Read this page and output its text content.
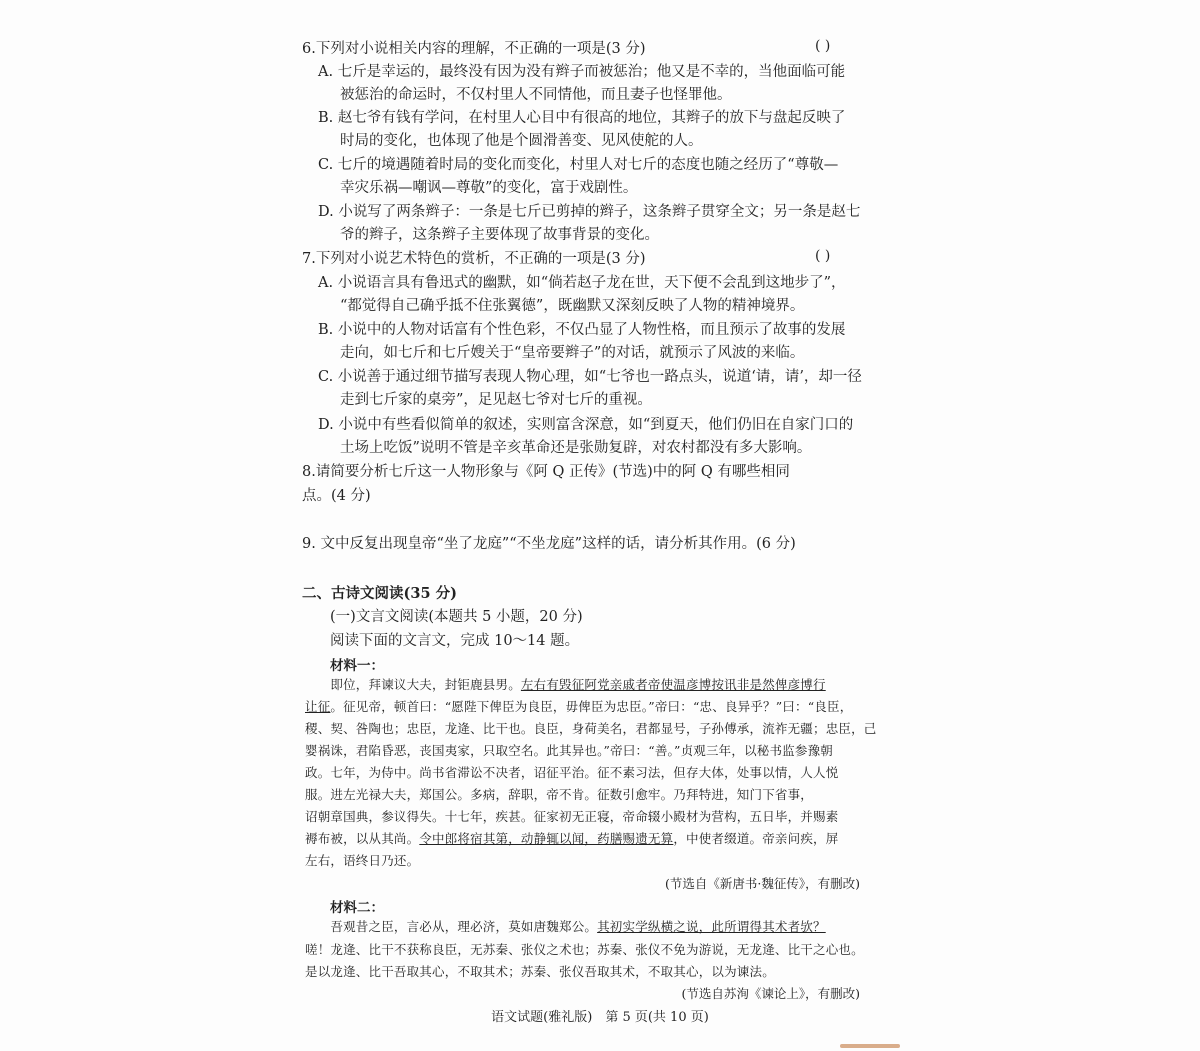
6.下列对小说相关内容的理解，不正确的一项是(3 分)	( )
A. 七斤是幸运的，最终没有因为没有辫子而被惩治；他又是不幸的，当他面临可能
被惩治的命运时，不仅村里人不同情他，而且妻子也怪罪他。
B. 赵七爷有钱有学问，在村里人心目中有很高的地位，其辫子的放下与盘起反映了
时局的变化，也体现了他是个圆滑善变、见风使舵的人。
C. 七斤的境遇随着时局的变化而变化，村里人对七斤的态度也随之经历了“尊敬—
幸灾乐祸—嘲讽—尊敬”的变化，富于戏剧性。
D. 小说写了两条辫子：一条是七斤已剪掉的辫子，这条辫子贯穿全文；另一条是赵七
爷的辫子，这条辫子主要体现了故事背景的变化。
7.下列对小说艺术特色的赏析，不正确的一项是(3 分)	( )
A. 小说语言具有鲁迅式的幽默，如“倘若赵子龙在世，天下便不会乱到这地步了”，
“都觉得自己确乎抵不住张翼德”，既幽默又深刻反映了人物的精神境界。
B. 小说中的人物对话富有个性色彩，不仅凸显了人物性格，而且预示了故事的发展
走向，如七斤和七斤嫂关于“皇帝要辫子”的对话，就预示了风波的来临。
C. 小说善于通过细节描写表现人物心理，如“七爷也一路点头，说道‘请，请’，却一径
走到七斤家的桌旁”，足见赵七爷对七斤的重视。
D. 小说中有些看似简单的叙述，实则富含深意，如“到夏天，他们仍旧在自家门口的
土场上吃饭”说明不管是辛亥革命还是张勋复辟，对农村都没有多大影响。
8.请简要分析七斤这一人物形象与《阿 Q 正传》(节选)中的阿 Q 有哪些相同
点。(4 分)
9. 文中反复出现皇帝“坐了龙庭”“不坐龙庭”这样的话，请分析其作用。(6 分)
二、古诗文阅读(35 分)
(一)文言文阅读(本题共 5 小题，20 分)
阅读下面的文言文，完成 10～14 题。
材料一：
　　即位，拜谏议大夫，封钜鹿县男。左右有毁征阿党亲戚者帝使温彦博按讯非是然俾彦博行
让征。征见帝，顿首曰：“愿陛下俾臣为良臣，毋俾臣为忠臣。”帝曰：“忠、良异乎？”曰：“良臣，
稷、契、咎陶也；忠臣，龙逄、比干也。良臣，身荷美名，君都显号，子孙傅承，流祚无疆；忠臣，己
婴祸诛，君陷昏恶，丧国夷家，只取空名。此其异也。”帝曰：“善。”贞观三年，以秘书监参豫朝
政。七年，为侍中。尚书省滞讼不决者，诏征平治。征不素习法，但存大体，处事以情，人人悦
服。进左光禄大夫，郑国公。多病，辞职，帝不肯。征数引愈牢。乃拜特进，知门下省事，
诏朝章国典，参议得失。十七年，疾甚。征家初无正寝，帝命辍小殿材为营构，五日毕，并赐素
褥布被，以从其尚。令中郎将宿其第，动静辄以闻，药膳赐遗无算，中使者缀道。帝亲问疾，屏
左右，语终日乃还。
(节选自《新唐书·魏征传》，有删改)
材料二：
　　吾观昔之臣，言必从，理必济，莫如唐魏郑公。其初实学纵横之说，此所谓得其术者欤？
嗟！龙逄、比干不获称良臣，无苏秦、张仪之术也；苏秦、张仪不免为游说，无龙逄、比干之心也。
是以龙逄、比干吾取其心，不取其术；苏秦、张仪吾取其术，不取其心，以为谏法。
(节选自苏洵《谏论上》，有删改)
语文试题(雅礼版)　第 5 页(共 10 页)
